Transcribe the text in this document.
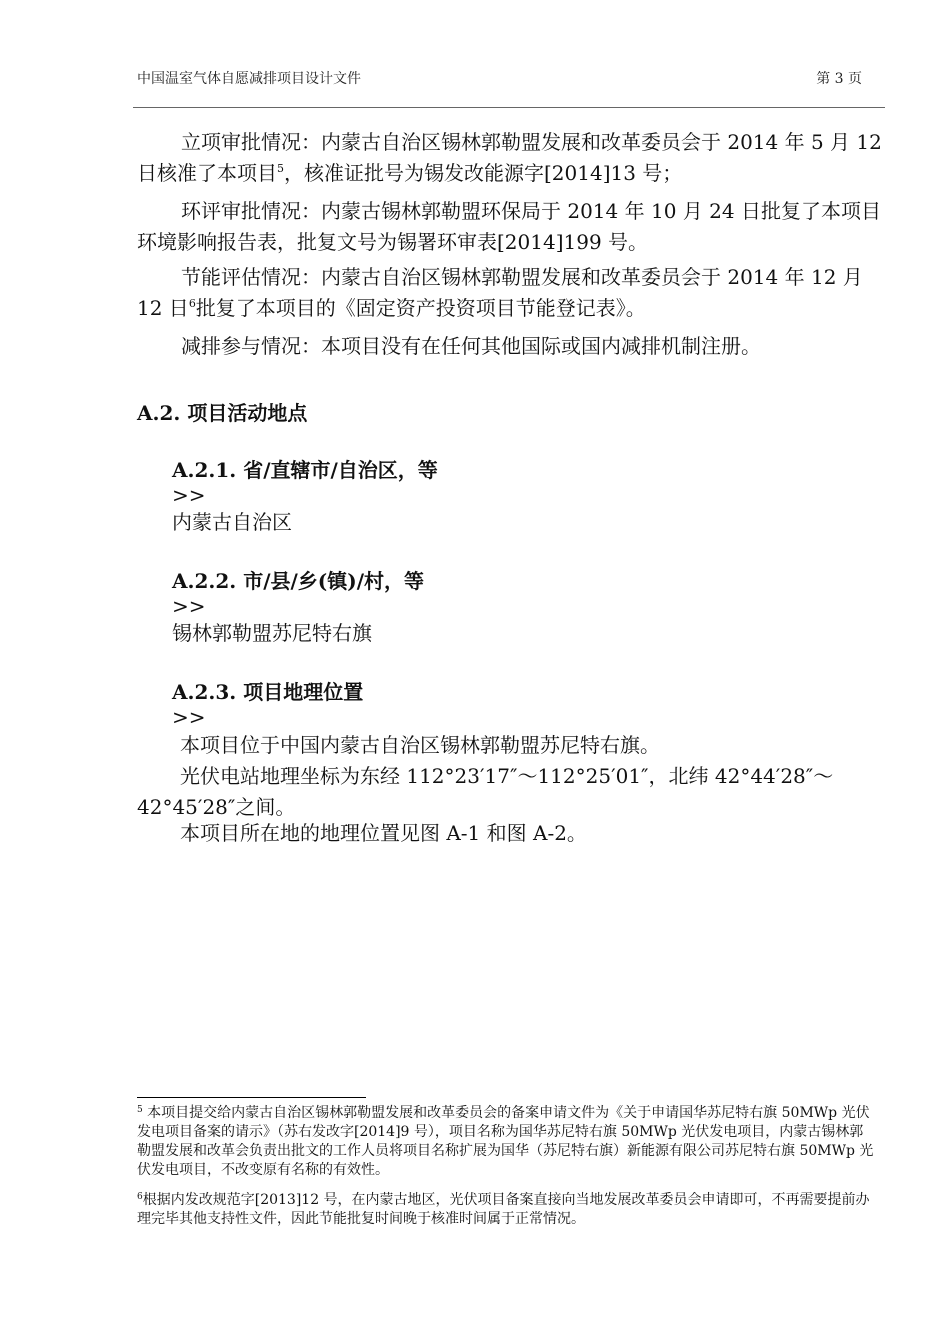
中国温室气体自愿减排项目设计文件	第 3 页
立项审批情况：内蒙古自治区锡林郭勒盟发展和改革委员会于 2014 年 5 月 12 日核准了本项目$^5$，核准证批号为锡发改能源字[2014]13 号；
环评审批情况：内蒙古锡林郭勒盟环保局于 2014 年 10 月 24 日批复了本项目环境影响报告表，批复文号为锡署环审表[2014]199 号。
节能评估情况：内蒙古自治区锡林郭勒盟发展和改革委员会于 2014 年 12 月 12 日$^6$批复了本项目的《固定资产投资项目节能登记表》。
减排参与情况：本项目没有在任何其他国际或国内减排机制注册。
A.2. 项目活动地点
A.2.1. 省/直辖市/自治区，等
>>
内蒙古自治区
A.2.2. 市/县/乡(镇)/村，等
>>
锡林郭勒盟苏尼特右旗
A.2.3. 项目地理位置
>>
本项目位于中国内蒙古自治区锡林郭勒盟苏尼特右旗。
光伏电站地理坐标为东经 112°23′17″～112°25′01″，北纬 42°44′28″～
42°45′28″之间。
本项目所在地的地理位置见图 A-1 和图 A-2。
$^5$ 本项目提交给内蒙古自治区锡林郭勒盟发展和改革委员会的备案申请文件为《关于申请国华苏尼特右旗 50MWp 光伏发电项目备案的请示》（苏右发改字[2014]9 号），项目名称为国华苏尼特右旗 50MWp 光伏发电项目，内蒙古锡林郭勒盟发展和改革会负责出批文的工作人员将项目名称扩展为国华（苏尼特右旗）新能源有限公司苏尼特右旗 50MWp 光伏发电项目，不改变原有名称的有效性。
$^6$根据内发改规范字[2013]12 号，在内蒙古地区，光伏项目备案直接向当地发展改革委员会申请即可，不再需要提前办理完毕其他支持性文件，因此节能批复时间晚于核准时间属于正常情况。
